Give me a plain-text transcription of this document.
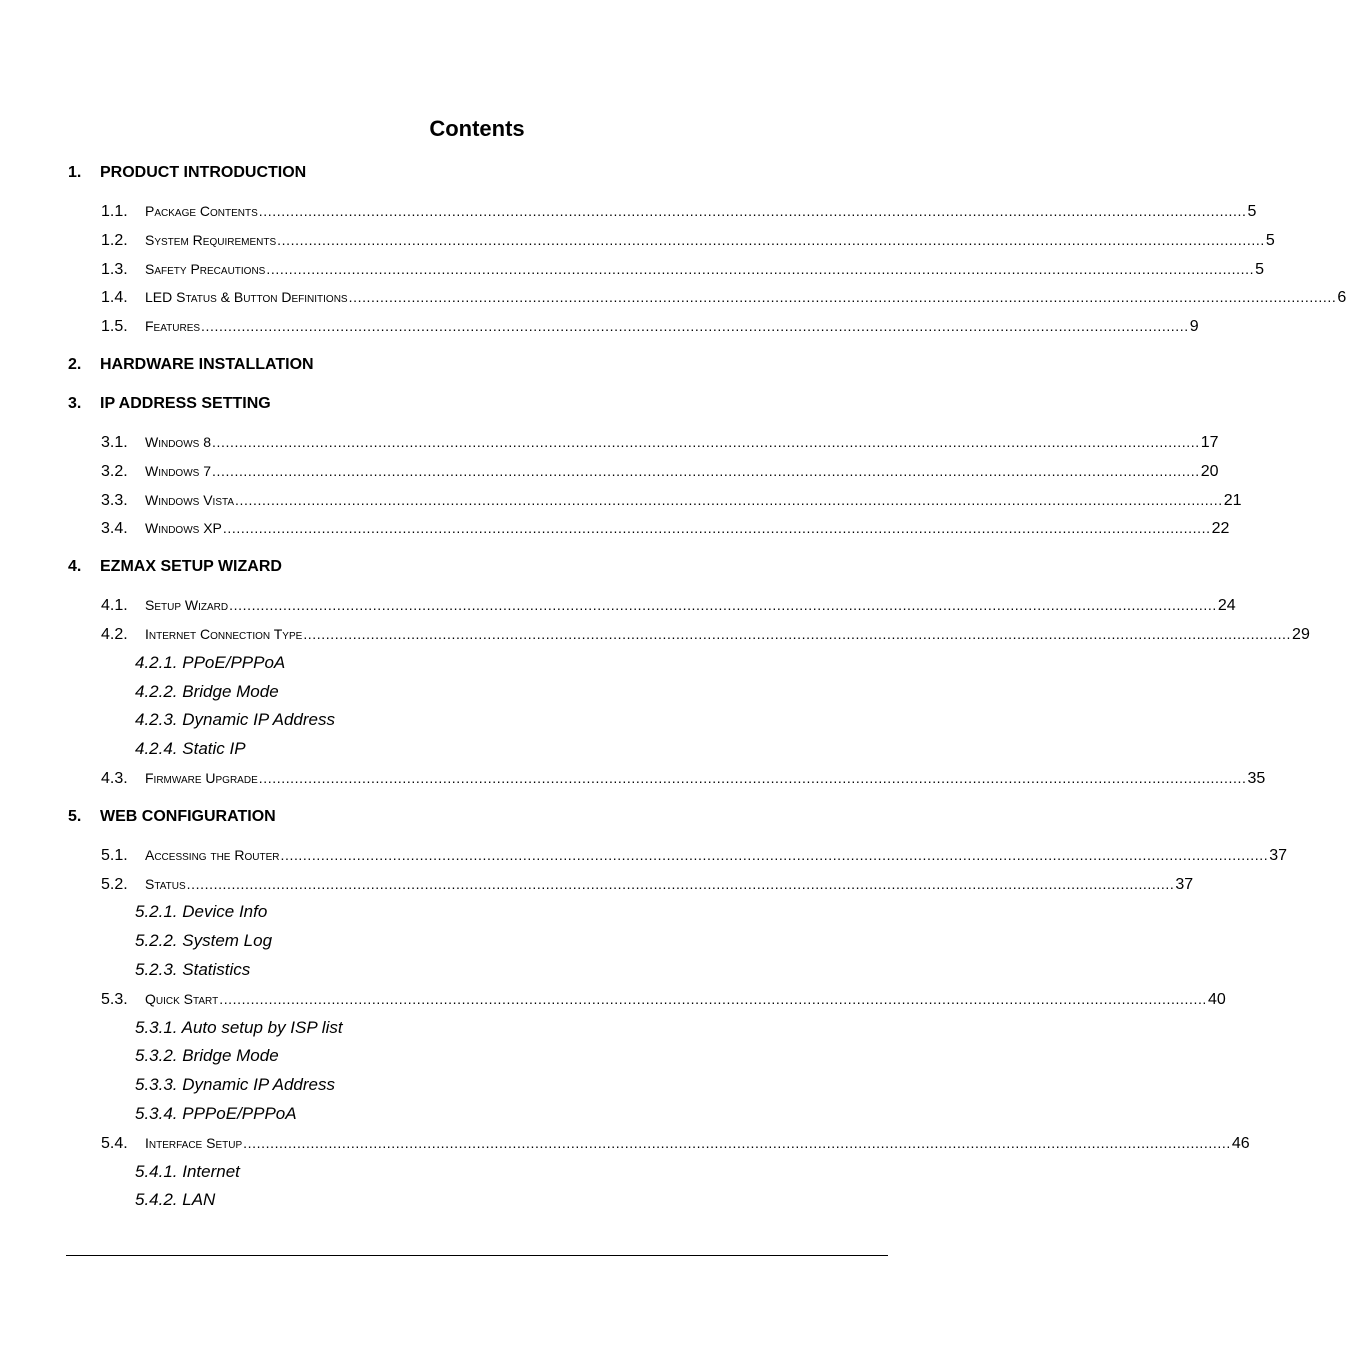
Contents
1.	PRODUCT INTRODUCTION
1.1.	Package Contents ............................................................................................................................................................................................................................ 5
1.2.	System Requirements ............................................................................................................................................................................................................................ 5
1.3.	Safety Precautions ............................................................................................................................................................................................................................ 5
1.4.	LED Status & Button Definitions ............................................................................................................................................................................................................................ 6
1.5.	Features ............................................................................................................................................................................................................................ 9
2.	HARDWARE INSTALLATION
3.	IP ADDRESS SETTING
3.1.	Windows 8 ............................................................................................................................................................................................................................ 17
3.2.	Windows 7 ............................................................................................................................................................................................................................ 20
3.3.	Windows Vista ............................................................................................................................................................................................................................ 21
3.4.	Windows XP ............................................................................................................................................................................................................................ 22
4.	EZMAX SETUP WIZARD
4.1.	Setup Wizard ............................................................................................................................................................................................................................ 24
4.2.	Internet Connection Type ............................................................................................................................................................................................................................ 29
4.2.1. PPoE/PPPoA
4.2.2. Bridge Mode
4.2.3. Dynamic IP Address
4.2.4. Static IP
4.3.	Firmware Upgrade ............................................................................................................................................................................................................................ 35
5.	WEB CONFIGURATION
5.1.	Accessing the Router ............................................................................................................................................................................................................................ 37
5.2.	Status ............................................................................................................................................................................................................................ 37
5.2.1. Device Info
5.2.2. System Log
5.2.3. Statistics
5.3.	Quick Start ............................................................................................................................................................................................................................ 40
5.3.1. Auto setup by ISP list
5.3.2. Bridge Mode
5.3.3. Dynamic IP Address
5.3.4. PPPoE/PPPoA
5.4.	Interface Setup ............................................................................................................................................................................................................................ 46
5.4.1. Internet
5.4.2. LAN
